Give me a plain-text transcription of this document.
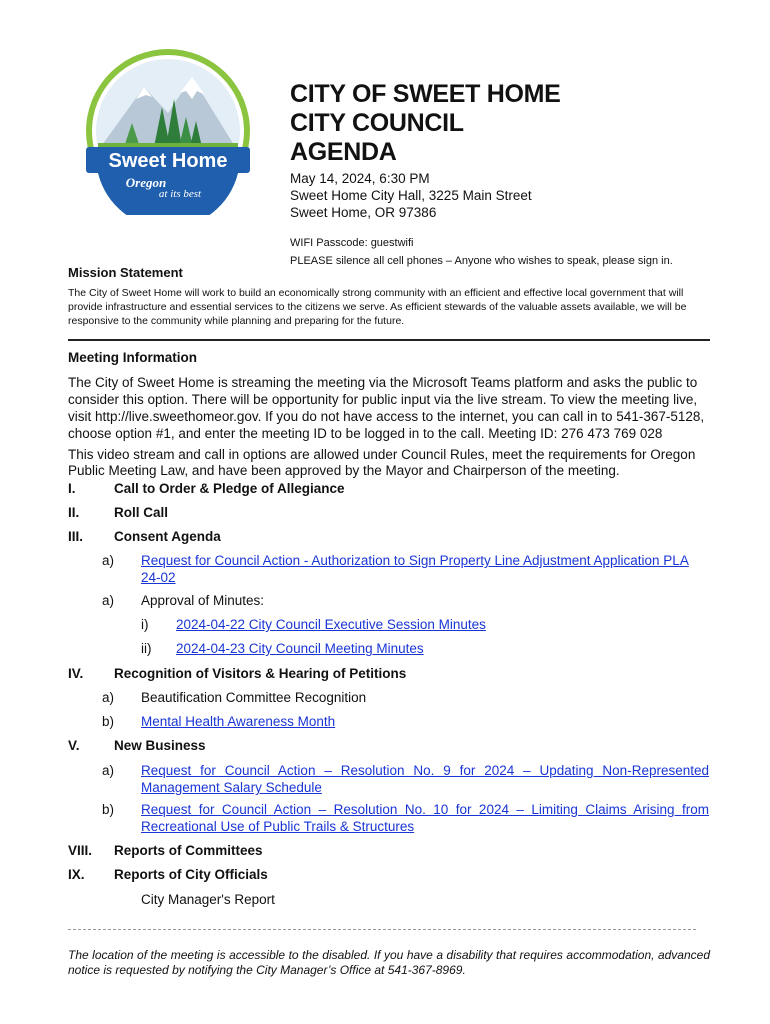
Sweet Home
Oregon
at its best
CITY OF SWEET HOME
CITY COUNCIL
AGENDA
May 14, 2024, 6:30 PM
Sweet Home City Hall, 3225 Main Street
Sweet Home, OR 97386
WIFI Passcode: guestwifi
PLEASE silence all cell phones – Anyone who wishes to speak, please sign in.
Mission Statement
The City of Sweet Home will work to build an economically strong community with an efficient and effective local government that will provide infrastructure and essential services to the citizens we serve. As efficient stewards of the valuable assets available, we will be responsive to the community while planning and preparing for the future.
Meeting Information
The City of Sweet Home is streaming the meeting via the Microsoft Teams platform and asks the public to consider this option. There will be opportunity for public input via the live stream. To view the meeting live, visit http://live.sweethomeor.gov. If you do not have access to the internet, you can call in to 541-367-5128, choose option #1, and enter the meeting ID to be logged in to the call. Meeting ID: 276 473 769 028
This video stream and call in options are allowed under Council Rules, meet the requirements for Oregon Public Meeting Law, and have been approved by the Mayor and Chairperson of the meeting.
I.	Call to Order & Pledge of Allegiance
II.	Roll Call
III. Consent Agenda
a) Request for Council Action - Authorization to Sign Property Line Adjustment Application PLA 24-02
a) Approval of Minutes:
i) 2024-04-22 City Council Executive Session Minutes
ii) 2024-04-23 City Council Meeting Minutes
IV. Recognition of Visitors & Hearing of Petitions
a) Beautification Committee Recognition
b) Mental Health Awareness Month
V.	New Business
a) Request for Council Action – Resolution No. 9 for 2024 – Updating Non-Represented Management Salary Schedule
b) Request for Council Action – Resolution No. 10 for 2024 – Limiting Claims Arising from Recreational Use of Public Trails & Structures
VIII. Reports of Committees
IX. Reports of City Officials
City Manager's Report
The location of the meeting is accessible to the disabled. If you have a disability that requires accommodation, advanced notice is requested by notifying the City Manager’s Office at 541-367-8969.
